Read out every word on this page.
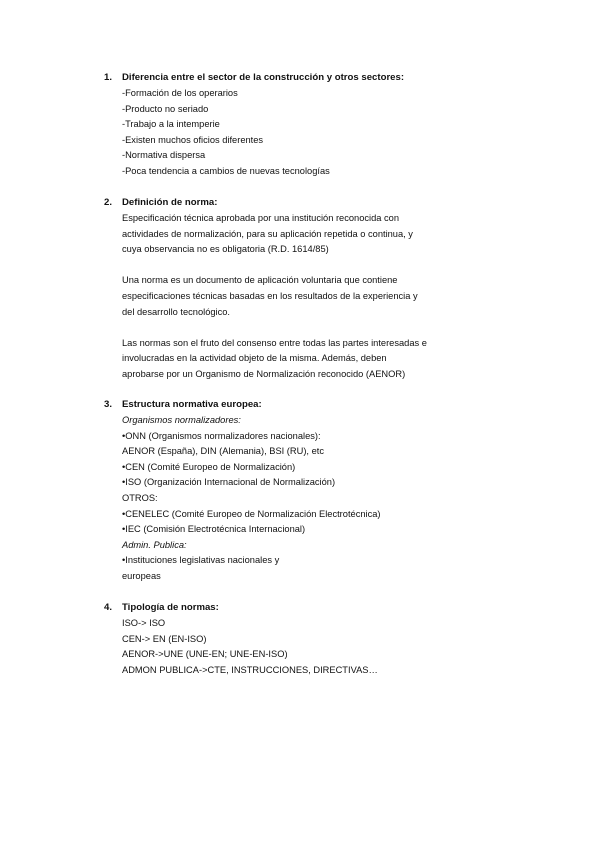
1. Diferencia entre el sector de la construcción y otros sectores:
-Formación de los operarios
-Producto no seriado
-Trabajo a la intemperie
-Existen muchos oficios diferentes
-Normativa dispersa
-Poca tendencia a cambios de nuevas tecnologías
2. Definición de norma:
Especificación técnica aprobada por una institución reconocida con
actividades de normalización, para su aplicación repetida o continua, y
cuya observancia no es obligatoria (R.D. 1614/85)
Una norma es un documento de aplicación voluntaria que contiene
especificaciones técnicas basadas en los resultados de la experiencia y
del desarrollo tecnológico.
Las normas son el fruto del consenso entre todas las partes interesadas e
involucradas en la actividad objeto de la misma. Además, deben
aprobarse por un Organismo de Normalización reconocido (AENOR)
3. Estructura normativa europea:
Organismos normalizadores:
•ONN (Organismos normalizadores nacionales):
AENOR (España), DIN (Alemania), BSI (RU), etc
•CEN (Comité Europeo de Normalización)
•ISO (Organización Internacional de Normalización)
OTROS:
•CENELEC (Comité Europeo de Normalización Electrotécnica)
•IEC (Comisión Electrotécnica Internacional)
Admin. Publica:
•Instituciones legislativas nacionales y
europeas
4. Tipología de normas:
ISO-> ISO
CEN-> EN (EN-ISO)
AENOR->UNE (UNE-EN; UNE-EN-ISO)
ADMON PUBLICA->CTE, INSTRUCCIONES, DIRECTIVAS…
